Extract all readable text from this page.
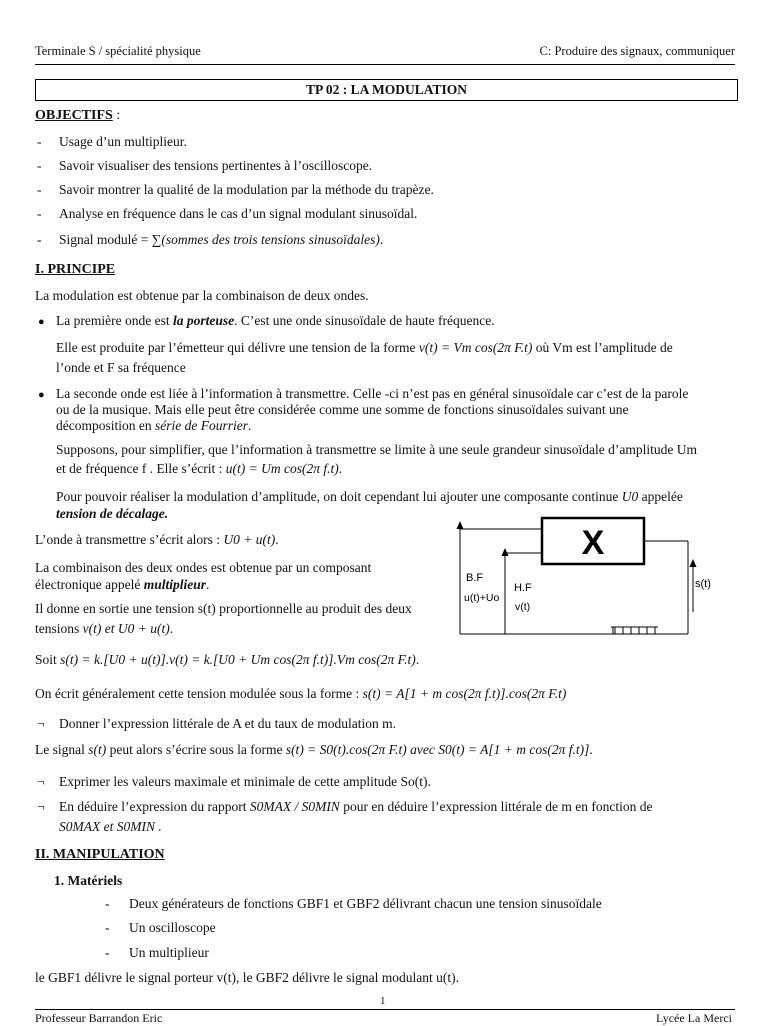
Terminale S / spécialité physique	C: Produire des signaux, communiquer
TP 02 : LA MODULATION
OBJECTIFS :
- Usage d’un multiplieur.
- Savoir visualiser des tensions pertinentes à l’oscilloscope.
- Savoir montrer la qualité de la modulation par la méthode du trapèze.
- Analyse en fréquence dans le cas d’un signal modulant sinusoïdal.
- Signal modulé = ∑(sommes des trois tensions sinusoïdales).
I. PRINCIPE
La modulation est obtenue par la combinaison de deux ondes.
● La première onde est la porteuse. C’est une onde sinusoïdale de haute fréquence.
Elle est produite par l’émetteur qui délivre une tension de la forme v(t) = Vm cos(2π F.t) où Vm est l’amplitude de
l’onde et F sa fréquence
● La seconde onde est liée à l’information à transmettre. Celle -ci n’est pas en général sinusoïdale car c’est de la parole
ou de la musique. Mais elle peut être considérée comme une somme de fonctions sinusoïdales suivant une
décomposition en série de Fourrier.
Supposons, pour simplifier, que l’information à transmettre se limite à une seule grandeur sinusoïdale d’amplitude Um
et de fréquence f . Elle s’écrit : u(t) = Um cos(2π f.t).
Pour pouvoir réaliser la modulation d’amplitude, on doit cependant lui ajouter une composante continue U0 appelée
tension de décalage.
L’onde à transmettre s’écrit alors : U0 + u(t).
La combinaison des deux ondes est obtenue par un composant
électronique appelé multiplieur.
Il donne en sortie une tension s(t) proportionnelle au produit des deux
tensions v(t) et U0 + u(t).
X
B.F
u(t)+Uo
H.F
v(t)
s(t)
Soit s(t) = k.[U0 + u(t)].v(t) = k.[U0 + Um cos(2π f.t)].Vm cos(2π F.t).
On écrit généralement cette tension modulée sous la forme : s(t) = A[1 + m cos(2π f.t)].cos(2π F.t)
¬ Donner l’expression littérale de A et du taux de modulation m.
Le signal s(t) peut alors s’écrire sous la forme s(t) = S0(t).cos(2π F.t) avec S0(t) = A[1 + m cos(2π f.t)].
¬ Exprimer les valeurs maximale et minimale de cette amplitude So(t).
¬ En déduire l’expression du rapport S0MAX / S0MIN pour en déduire l’expression littérale de m en fonction de
S0MAX et S0MIN .
II. MANIPULATION
1. Matériels
- Deux générateurs de fonctions GBF1 et GBF2 délivrant chacun une tension sinusoïdale
- Un oscilloscope
- Un multiplieur
le GBF1 délivre le signal porteur v(t), le GBF2 délivre le signal modulant u(t).
1
Professeur Barrandon Eric	Lycée La Merci
